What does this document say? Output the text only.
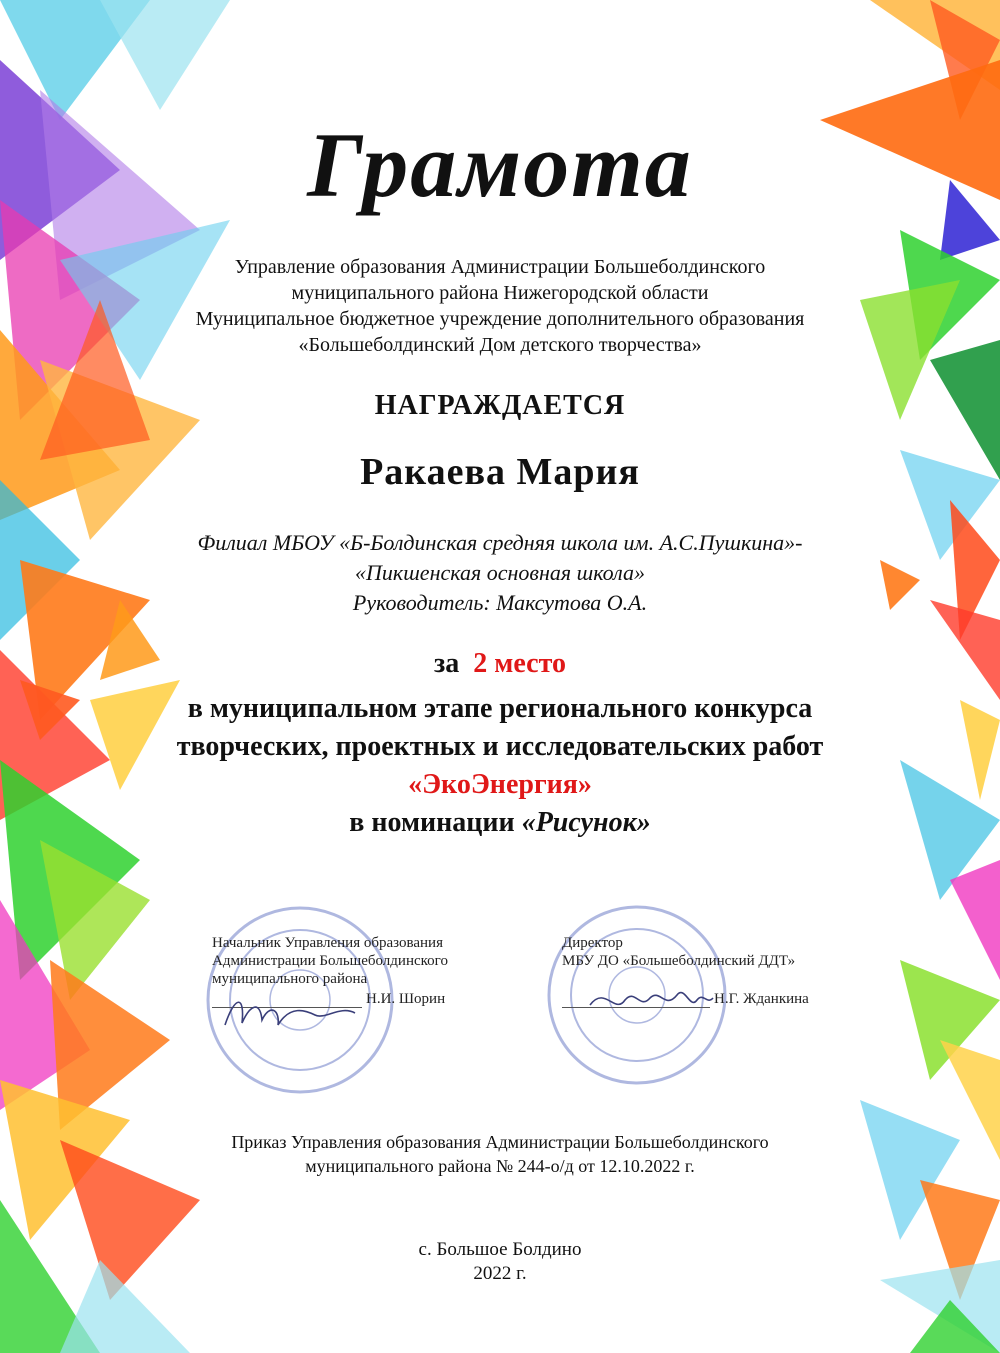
Грамота
Управление образования Администрации Большеболдинского
муниципального района Нижегородской области
Муниципальное бюджетное учреждение дополнительного образования
«Большеболдинский Дом детского творчества»
НАГРАЖДАЕТСЯ
Ракаева Мария
Филиал МБОУ «Б-Болдинская средняя школа им. А.С.Пушкина»-
«Пикшенская основная школа»
Руководитель: Максутова О.А.
за 2 место
в муниципальном этапе регионального конкурса
творческих, проектных и исследовательских работ
«ЭкоЭнергия»
в номинации «Рисунок»
Начальник Управления образования
Администрации Большеболдинского
муниципального района
Н.И. Шорин
Директор
МБУ ДО «Большеболдинский ДДТ»
Н.Г. Жданкина
Приказ Управления образования Администрации Большеболдинского
муниципального района № 244-о/д от 12.10.2022 г.
с. Большое Болдино
2022 г.
